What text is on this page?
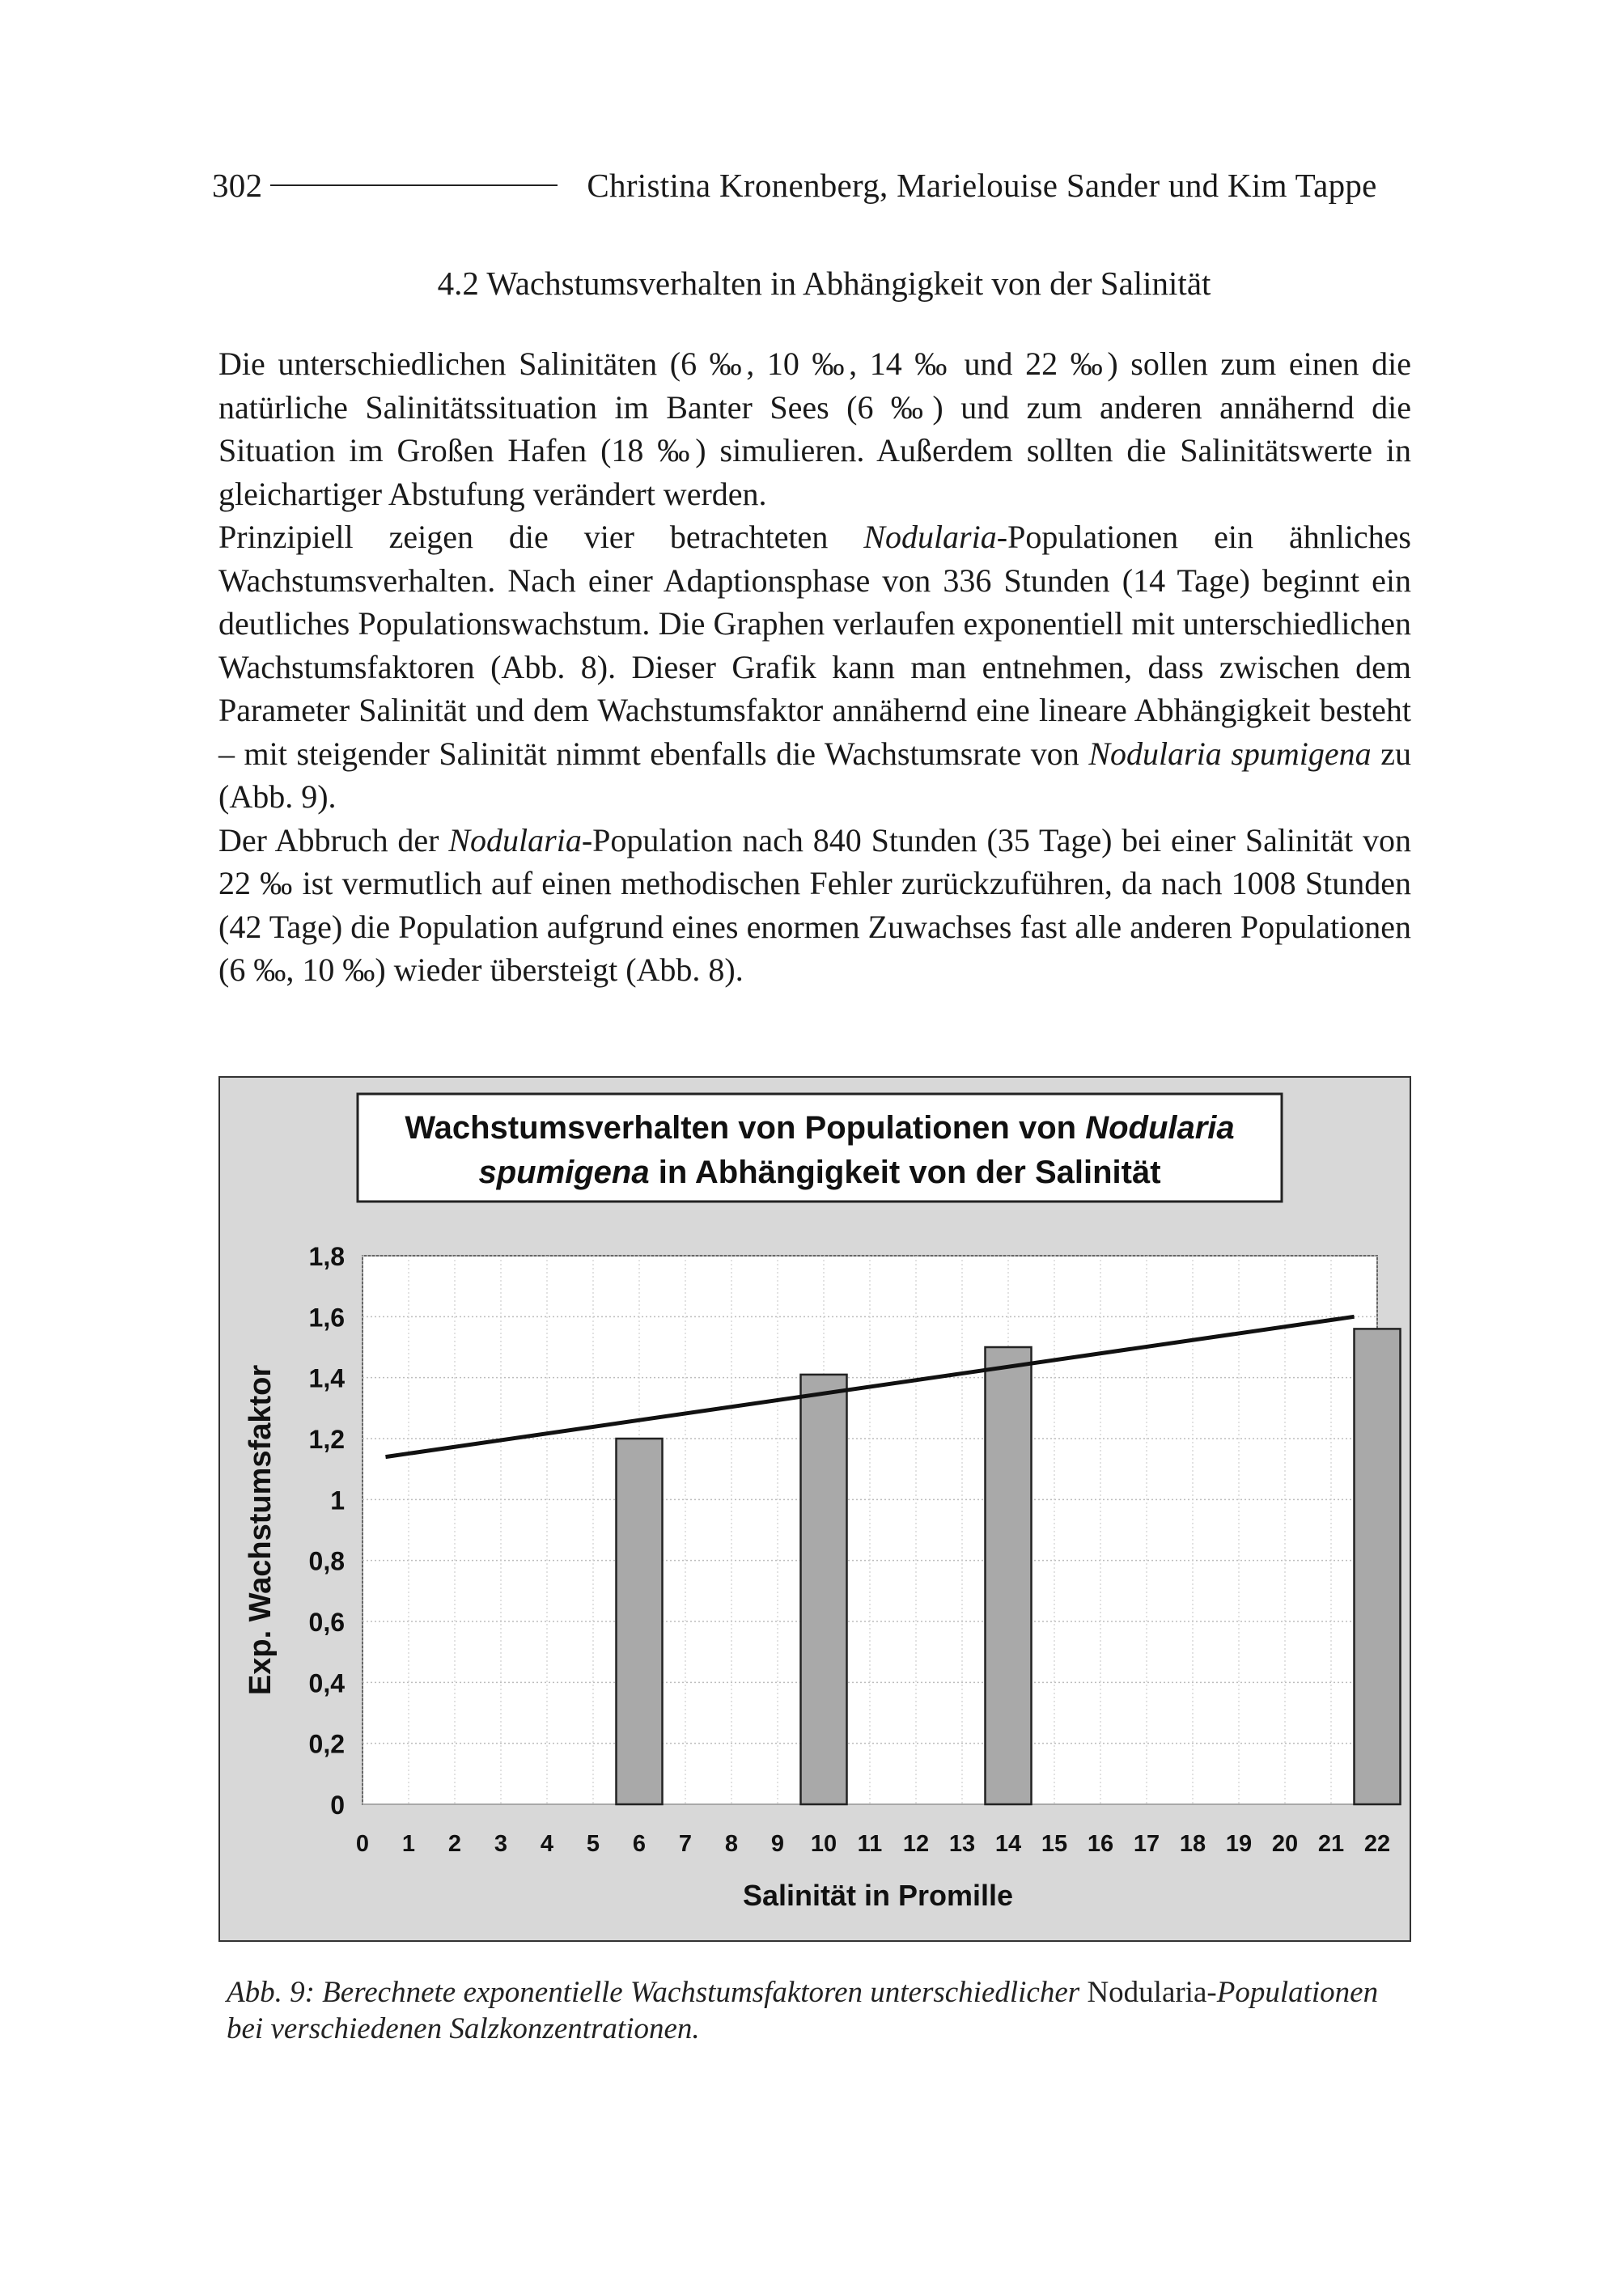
302	Christina Kronenberg, Marielouise Sander und Kim Tappe
4.2 Wachstumsverhalten in Abhängigkeit von der Salinität

Die unterschiedlichen Salinitäten (6 ‰, 10 ‰, 14 ‰ und 22 ‰) sollen zum einen die natürliche Salinitätssituation im Banter Sees (6 ‰) und zum anderen annähernd die Situation im Großen Hafen (18 ‰) simulieren. Außerdem sollten die Salinitätswerte in gleichartiger Abstufung verändert werden.

Prinzipiell zeigen die vier betrachteten Nodularia-Populationen ein ähnliches Wachstumsverhalten. Nach einer Adaptionsphase von 336 Stunden (14 Tage) beginnt ein deutliches Populationswachstum. Die Graphen verlaufen exponentiell mit unterschiedlichen Wachstumsfaktoren (Abb. 8). Dieser Grafik kann man entnehmen, dass zwischen dem Parameter Salinität und dem Wachstumsfaktor annähernd eine lineare Abhängigkeit besteht – mit steigender Salinität nimmt ebenfalls die Wachstumsrate von Nodularia spumigena zu (Abb. 9).

Der Abbruch der Nodularia-Population nach 840 Stunden (35 Tage) bei einer Salinität von 22 ‰ ist vermutlich auf einen methodischen Fehler zurückzuführen, da nach 1008 Stunden (42 Tage) die Population aufgrund eines enormen Zuwachses fast alle anderen Populationen (6 ‰, 10 ‰) wieder übersteigt (Abb. 8).

Wachstumsverhalten von Populationen von Nodularia
spumigena in Abhängigkeit von der Salinität
0
0,2
0,4
0,6
0,8
1
1,2
1,4
1,6
1,8
0 1 2 3 4 5 6 7 8 9 10 11 12 13 14 15 16 17 18 19 20 21 22
Exp. Wachstumsfaktor
Salinität in Promille
Abb. 9: Berechnete exponentielle Wachstumsfaktoren unterschiedlicher Nodularia-Populationen bei verschiedenen Salzkonzentrationen.
